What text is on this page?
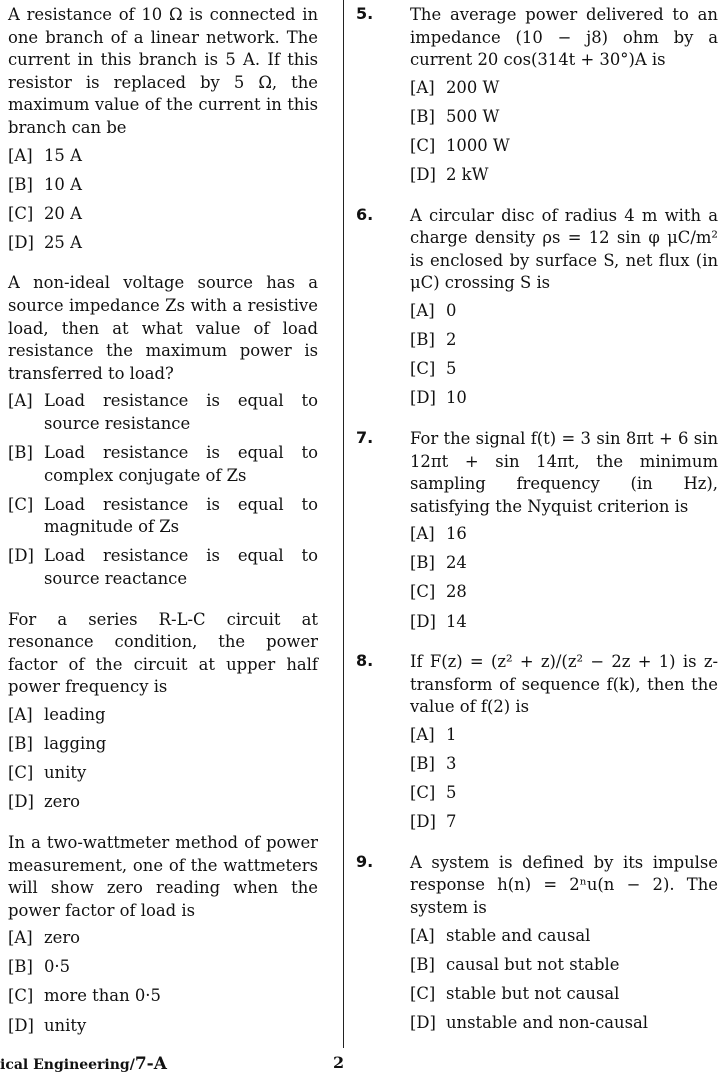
A resistance of 10 Ω is connected in one branch of a linear network. The current in this branch is 5 A. If this resistor is replaced by 5 Ω, the maximum value of the current in this branch can be

[A] 15 A
[B] 10 A
[C] 20 A
[D] 25 A

A non-ideal voltage source has a source impedance Zs with a resistive load, then at what value of load resistance the maximum power is transferred to load?

[A] Load resistance is equal to source resistance
[B] Load resistance is equal to complex conjugate of Zs
[C] Load resistance is equal to magnitude of Zs
[D] Load resistance is equal to source reactance

For a series R-L-C circuit at resonance condition, the power factor of the circuit at upper half power frequency is

[A] leading
[B] lagging
[C] unity
[D] zero

In a two-wattmeter method of power measurement, one of the wattmeters will show zero reading when the power factor of load is

[A] zero
[B] 0·5
[C] more than 0·5
[D] unity
5. The average power delivered to an impedance (10 − j8) ohm by a current 20 cos(314t + 30°)A is

[A] 200 W
[B] 500 W
[C] 1000 W
[D] 2 kW
6. A circular disc of radius 4 m with a charge density ρs = 12 sin φ μC/m² is enclosed by surface S, net flux (in μC) crossing S is

[A] 0
[B] 2
[C] 5
[D] 10
7. For the signal f(t) = 3 sin 8πt + 6 sin 12πt + sin 14πt, the minimum sampling frequency (in Hz), satisfying the Nyquist criterion is

[A] 16
[B] 24
[C] 28
[D] 14
8. If F(z) = (z² + z)/(z² − 2z + 1) is z-transform of sequence f(k), then the value of f(2) is

[A] 1
[B] 3
[C] 5
[D] 7
9. A system is defined by its impulse response h(n) = 2ⁿu(n − 2). The system is

[A] stable and causal
[B] causal but not stable
[C] stable but not causal
[D] unstable and non-causal
ical Engineering/7-A	2
